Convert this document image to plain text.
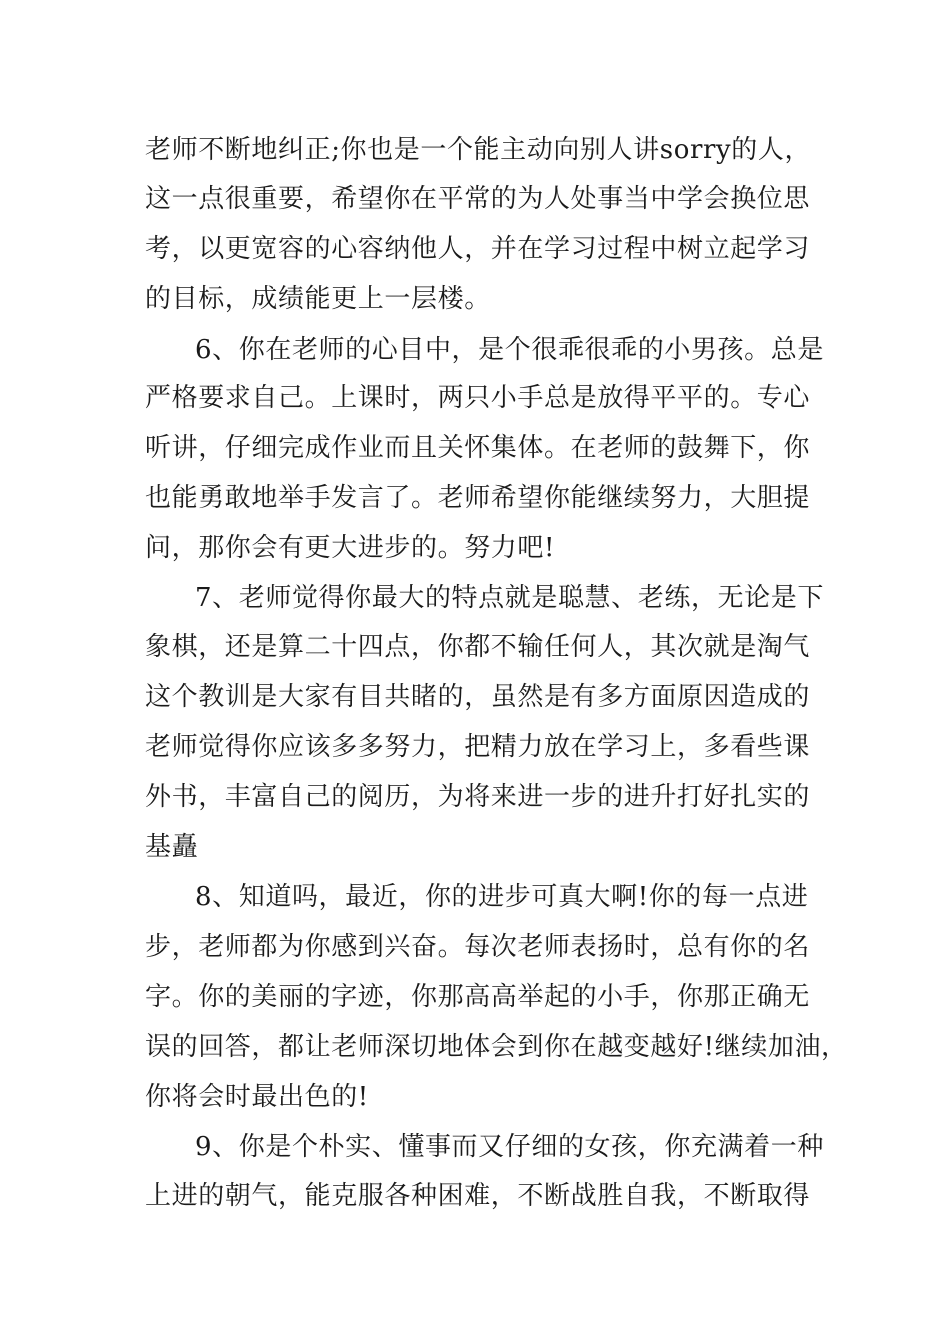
老师不断地纠正;你也是一个能主动向别人讲sorry的人，
这一点很重要，希望你在平常的为人处事当中学会换位思
考，以更宽容的心容纳他人，并在学习过程中树立起学习
的目标，成绩能更上一层楼。
6、你在老师的心目中，是个很乖很乖的小男孩。总是
严格要求自己。上课时，两只小手总是放得平平的。专心
听讲，仔细完成作业而且关怀集体。在老师的鼓舞下，你
也能勇敢地举手发言了。老师希望你能继续努力，大胆提
问，那你会有更大进步的。努力吧!
7、老师觉得你最大的特点就是聪慧、老练，无论是下
象棋，还是算二十四点，你都不输任何人，其次就是淘气
这个教训是大家有目共睹的，虽然是有多方面原因造成的
老师觉得你应该多多努力，把精力放在学习上，多看些课
外书，丰富自己的阅历，为将来进一步的进升打好扎实的
基矗
8、知道吗，最近，你的进步可真大啊!你的每一点进
步，老师都为你感到兴奋。每次老师表扬时，总有你的名
字。你的美丽的字迹，你那高高举起的小手，你那正确无
误的回答，都让老师深切地体会到你在越变越好!继续加油，
你将会时最出色的!
9、你是个朴实、懂事而又仔细的女孩，你充满着一种
上进的朝气，能克服各种困难，不断战胜自我，不断取得
